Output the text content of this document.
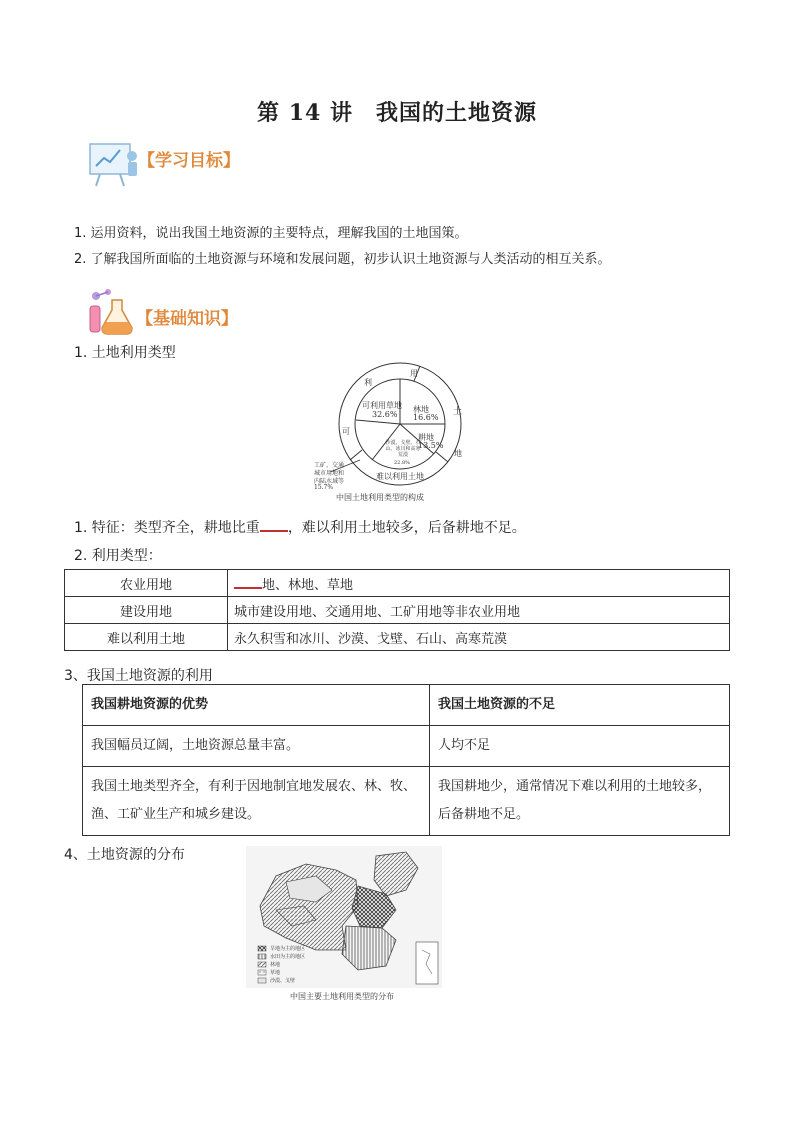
第 14 讲　我国的土地资源
【学习目标】
1. 运用资料，说出我国土地资源的主要特点，理解我国的土地国策。
2. 了解我国所面临的土地资源与环境和发展问题，初步认识土地资源与人类活动的相互关系。
【基础知识】
1. 土地利用类型
利
用
土
地
可
可利用草地
32.6%
林地
16.6%
耕地
13.5%
沙漠、戈壁、石山、冰川和高寒荒漠
22.8%
难以利用土地
工矿、交通
城市用地和
内陆水域等
15.7%
中国土地利用类型的构成
1. 特征：类型齐全，耕地比重 ，难以利用土地较多，后备耕地不足。
2. 利用类型：
农业用地	地、林地、草地
建设用地	城市建设用地、交通用地、工矿用地等非农业用地
难以利用土地	永久积雪和冰川、沙漠、戈壁、石山、高寒荒漠
3、我国土地资源的利用
我国耕地资源的优势	我国土地资源的不足
我国幅员辽阔，土地资源总量丰富。	人均不足
我国土地类型齐全，有利于因地制宜地发展农、林、牧、渔、工矿业生产和城乡建设。	我国耕地少，通常情况下难以利用的土地较多，后备耕地不足。
4、土地资源的分布
旱地为主的地区
水田为主的地区
林地
草地
沙漠、戈壁
中国主要土地利用类型的分布
